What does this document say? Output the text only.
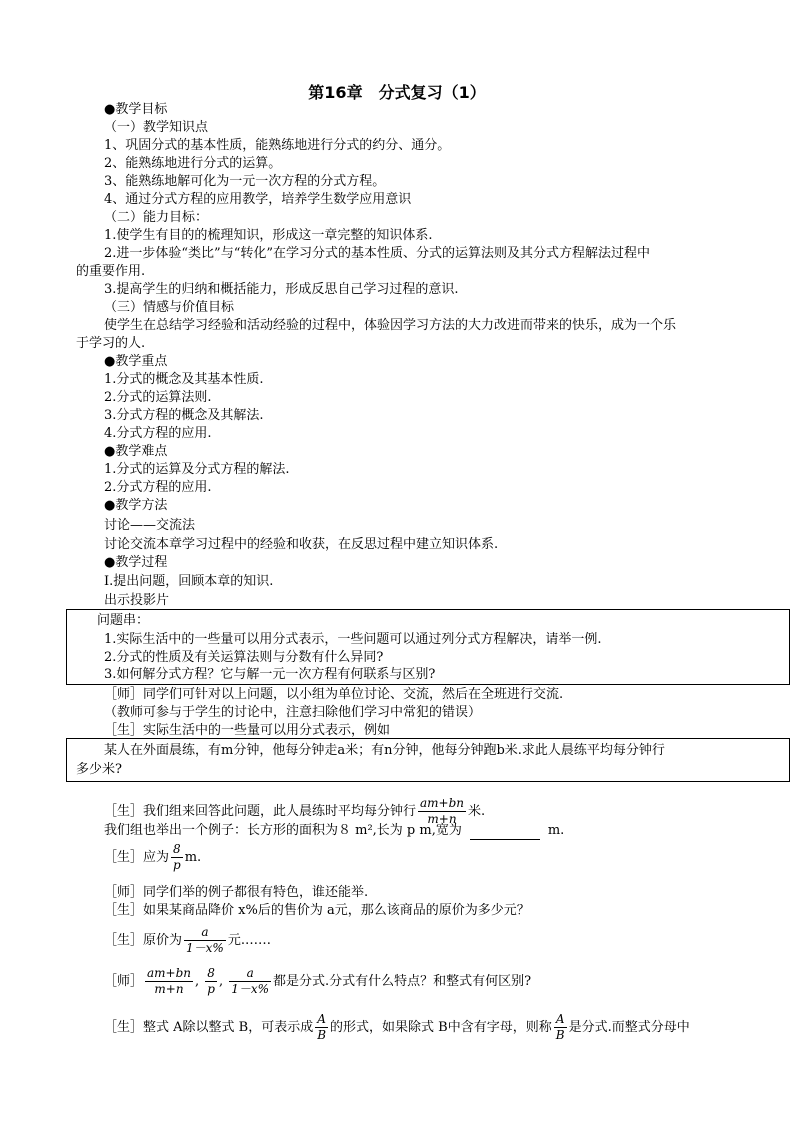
第16章　分式复习（1）
●教学目标
（一）教学知识点
1、巩固分式的基本性质，能熟练地进行分式的约分、通分。
2、能熟练地进行分式的运算。
3、能熟练地解可化为一元一次方程的分式方程。
4、通过分式方程的应用教学，培养学生数学应用意识
（二）能力目标：
1.使学生有目的的梳理知识，形成这一章完整的知识体系.
2.进一步体验“类比”与“转化”在学习分式的基本性质、分式的运算法则及其分式方程解法过程中
的重要作用.
3.提高学生的归纳和概括能力，形成反思自己学习过程的意识.
（三）情感与价值目标
使学生在总结学习经验和活动经验的过程中，体验因学习方法的大力改进而带来的快乐，成为一个乐
于学习的人.
●教学重点
1.分式的概念及其基本性质.
2.分式的运算法则.
3.分式方程的概念及其解法.
4.分式方程的应用.
●教学难点
1.分式的运算及分式方程的解法.
2.分式方程的应用.
●教学方法
讨论——交流法
讨论交流本章学习过程中的经验和收获，在反思过程中建立知识体系.
●教学过程
Ⅰ.提出问题，回顾本章的知识.
出示投影片
问题串：
1.实际生活中的一些量可以用分式表示，一些问题可以通过列分式方程解决，请举一例.
2.分式的性质及有关运算法则与分数有什么异同?
3.如何解分式方程？它与解一元一次方程有何联系与区别?
［师］同学们可针对以上问题，以小组为单位讨论、交流，然后在全班进行交流.
（教师可参与于学生的讨论中，注意扫除他们学习中常犯的错误）
［生］实际生活中的一些量可以用分式表示，例如
某人在外面晨练，有m分钟，他每分钟走a米；有n分钟，他每分钟跑b米.求此人晨练平均每分钟行
多少米?
［生］我们组来回答此问题，此人晨练时平均每分钟行 $\frac{am+bn}{m+n}$ 米.
我们组也举出一个例子：长方形的面积为８ m²,长为 p m,宽为	m.
［生］应为 $\frac{8}{p} m$.
［师］同学们举的例子都很有特色，谁还能举.
［生］如果某商品降价 x%后的售价为 a元，那么该商品的原价为多少元？
［生］原价为 $\frac{a}{1-x\%}$ 元.……
［师］ $\frac{am+bn}{m+n}$ , $\frac{8}{p}$ , $\frac{a}{1-x\%}$ 都是分式.分式有什么特点？和整式有何区别?
［生］整式 A除以整式 B，可表示成 $\frac{A}{B}$ 的形式，如果除式 B中含有字母，则称 $\frac{A}{B}$ 是分式.而整式分母中
